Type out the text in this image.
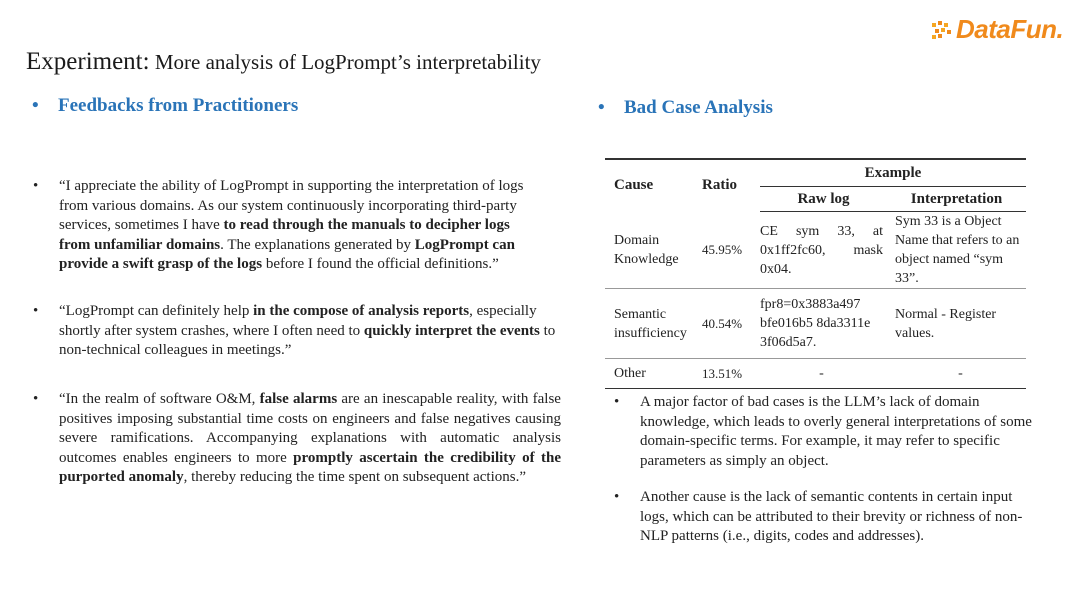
Experiment: More analysis of LogPrompt’s interpretability
DataFun.
• Feedbacks from Practitioners
•	“I appreciate the ability of LogPrompt in supporting the interpretation of logs from various domains. As our system continuously incorporating third-party services, sometimes I have to read through the manuals to decipher logs from unfamiliar domains. The explanations generated by LogPrompt can provide a swift grasp of the logs before I found the official definitions.”
•	“LogPrompt can definitely help in the compose of analysis reports, especially shortly after system crashes, where I often need to quickly interpret the events to non-technical colleagues in meetings.”
•	“In the realm of software O&M, false alarms are an inescapable reality, with false positives imposing substantial time costs on engineers and false negatives causing severe ramifications. Accompanying explanations with automatic analysis outcomes enables engineers to more promptly ascertain the credibility of the purported anomaly, thereby reducing the time spent on subsequent actions.”
• Bad Case Analysis
Cause	Ratio	Example	
		Raw log	Interpretation
Domain Knowledge	45.95%	CE sym 33, at 0x1ff2fc60, mask 0x04.	Sym 33 is a Object Name that refers to an object named “sym 33”.
Semantic insufficiency	40.54%	fpr8=0x3883a497 bfe016b5 8da3311e 3f06d5a7.	Normal - Register values.
Other	13.51%	-	-
•	A major factor of bad cases is the LLM’s lack of domain knowledge, which leads to overly general interpretations of some domain-specific terms. For example, it may refer to specific parameters as simply an object.
•	Another cause is the lack of semantic contents in certain input logs, which can be attributed to their brevity or richness of non-NLP patterns (i.e., digits, codes and addresses).
